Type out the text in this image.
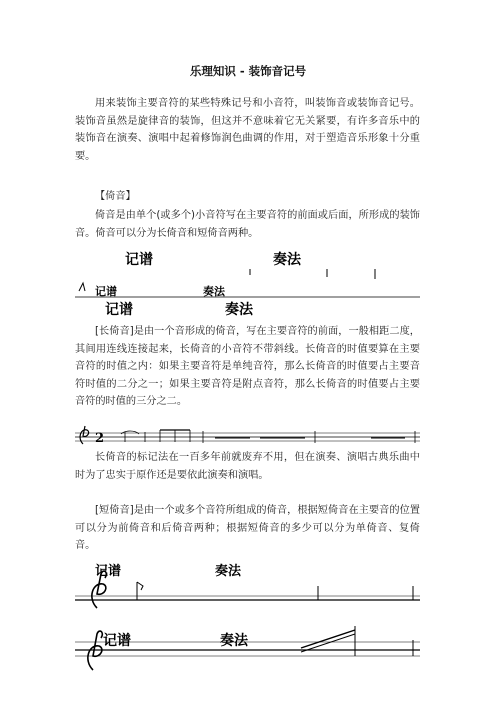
乐理知识 - 装饰音记号

用来装饰主要音符的某些特殊记号和小音符，叫装饰音或装饰音记号。装饰音虽然是旋律音的装饰，但这并不意味着它无关紧要，有许多音乐中的装饰音在演奏、演唱中起着修饰润色曲调的作用，对于塑造音乐形象十分重要。

【倚音】

倚音是由单个(或多个)小音符写在主要音符的前面或后面，所形成的装饰音。倚音可以分为长倚音和短倚音两种。

记谱	奏法
记谱	奏法
记谱	奏法

[长倚音]是由一个音形成的倚音，写在主要音符的前面，一般相距二度，其间用连线连接起来，长倚音的小音符不带斜线。长倚音的时值要算在主要音符的时值之内：如果主要音符是单纯音符，那么长倚音的时值要占主要音符时值的二分之一；如果主要音符是附点音符，那么长倚音的时值要占主要音符的时值的三分之二。

2

长倚音的标记法在一百多年前就废弃不用，但在演奏、演唱古典乐曲中时为了忠实于原作还是要依此演奏和演唱。

[短倚音]是由一个或多个音符所组成的倚音，根据短倚音在主要音的位置可以分为前倚音和后倚音两种；根据短倚音的多少可以分为单倚音、复倚音。

记谱	奏法
记谱	奏法
